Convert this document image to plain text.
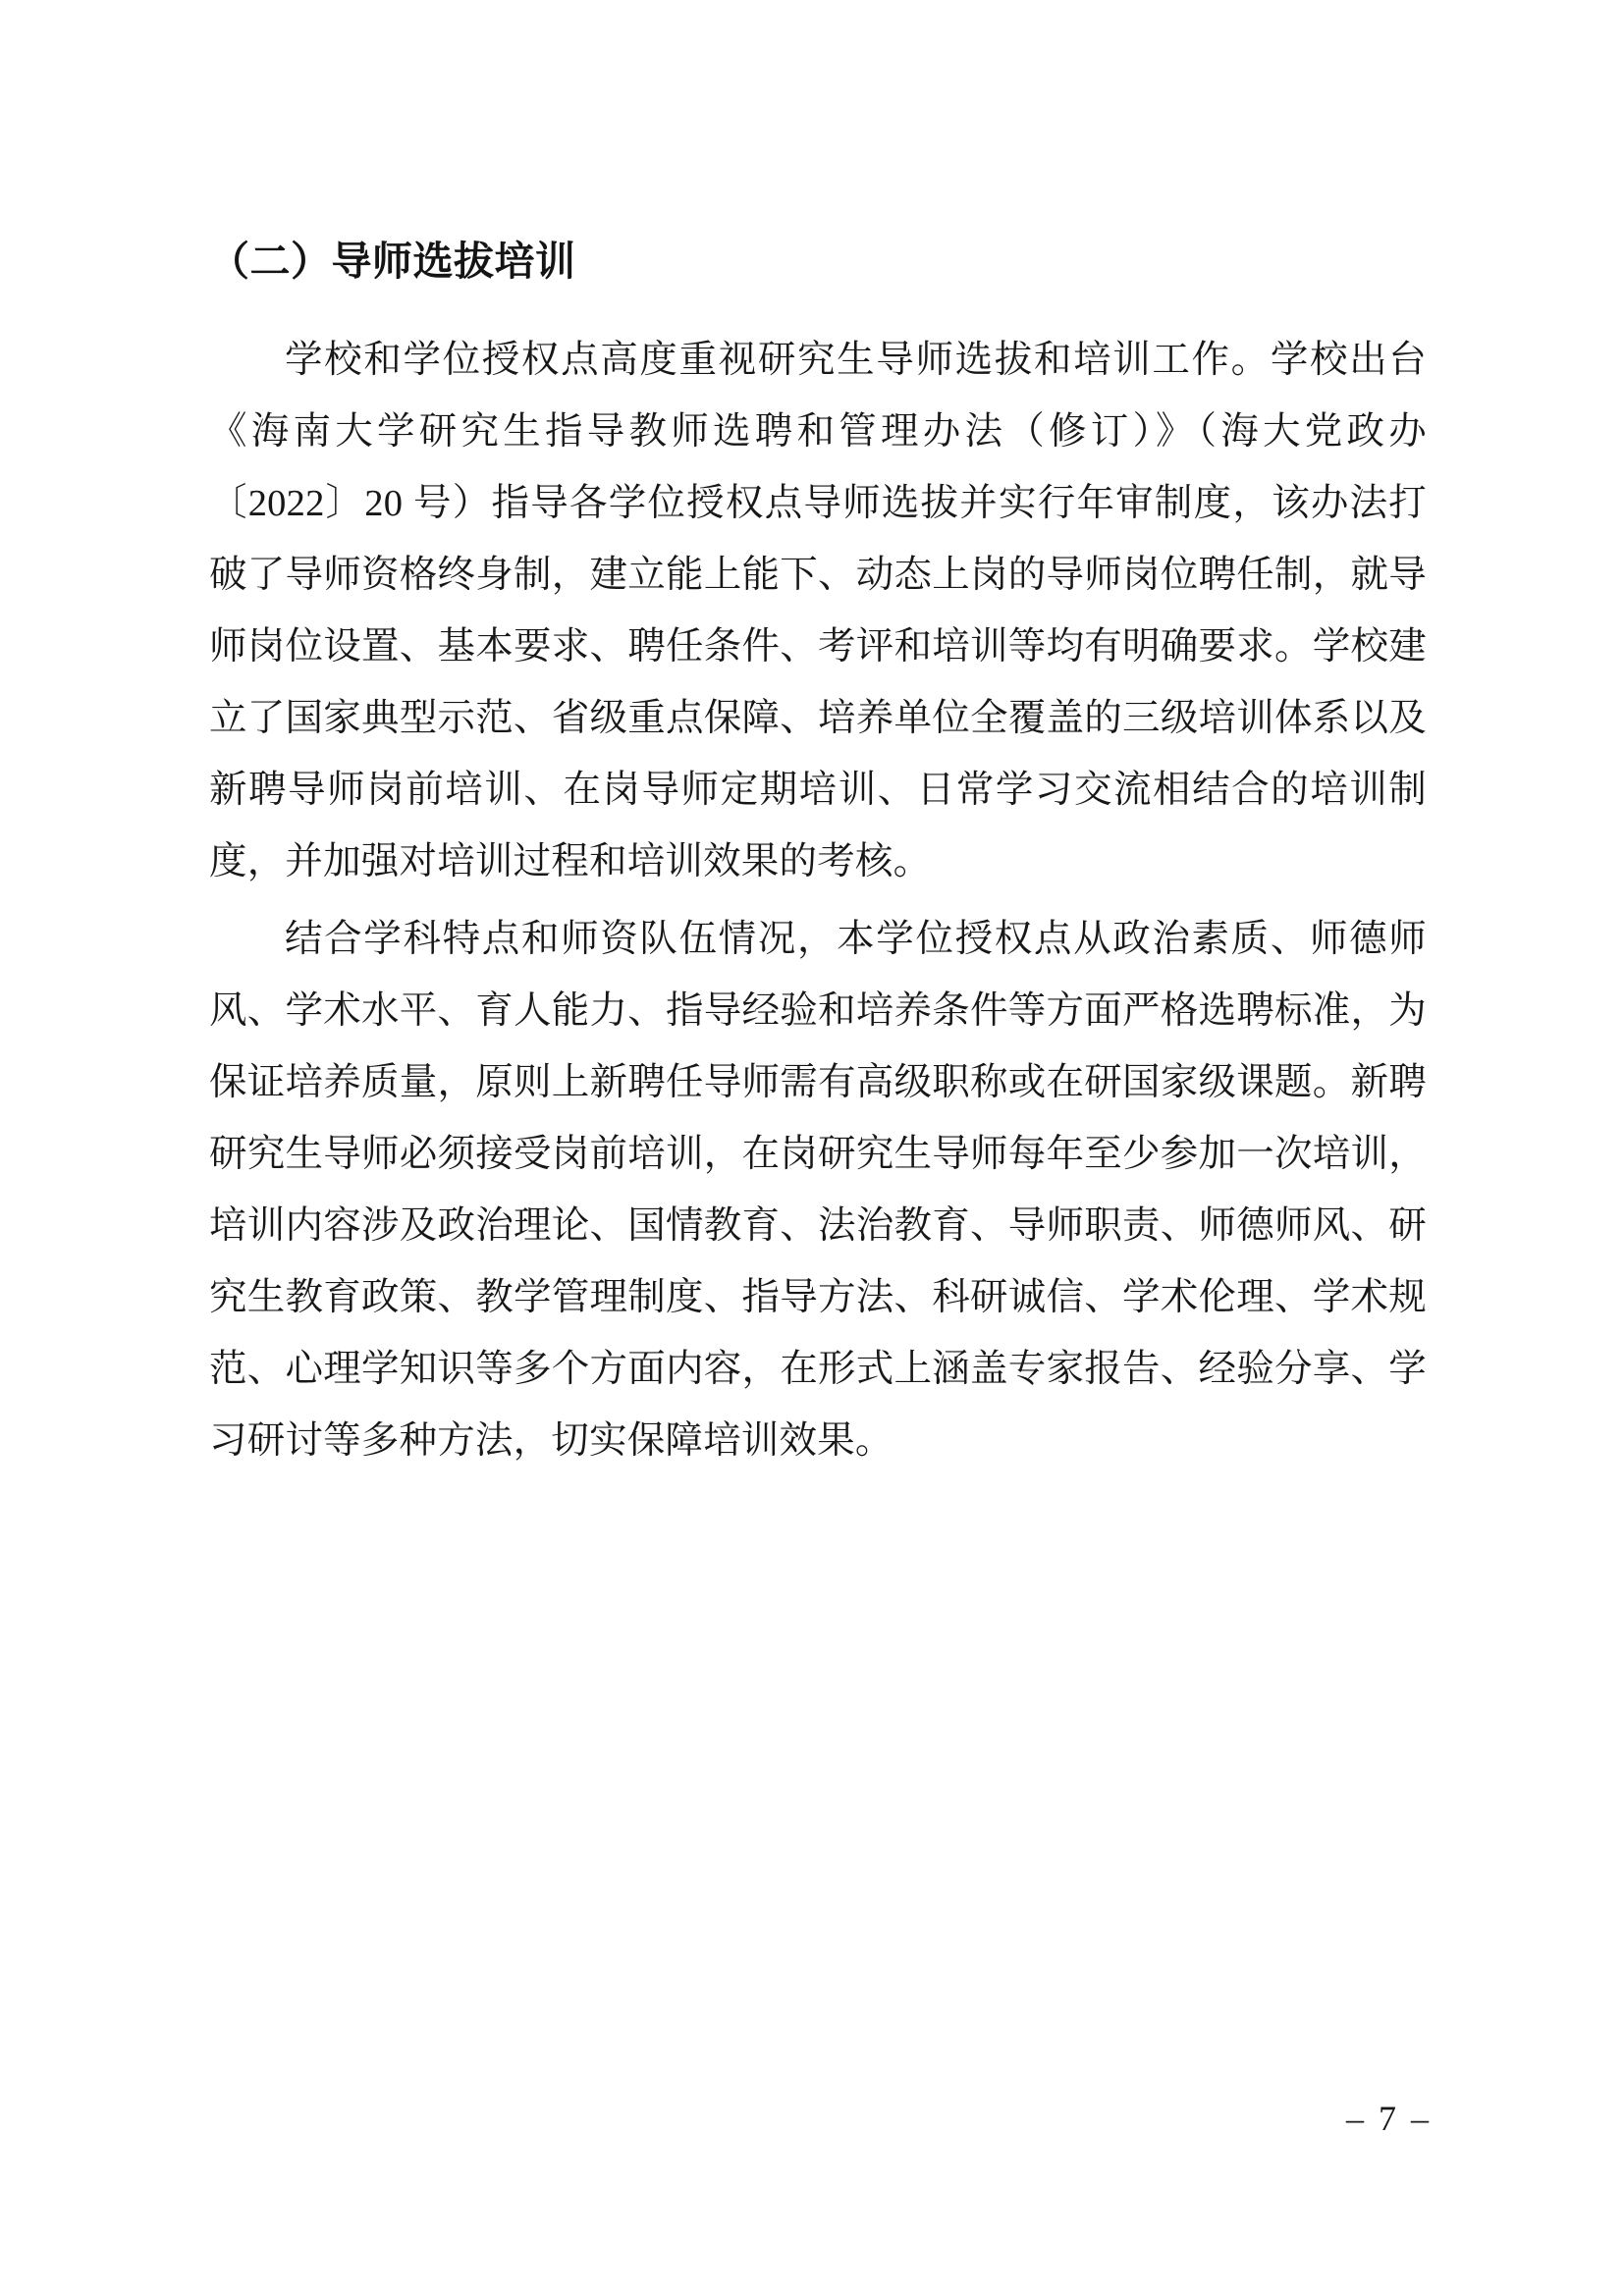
（二）导师选拔培训

学校和学位授权点高度重视研究生导师选拔和培训工作。学校出台《海南大学研究生指导教师选聘和管理办法（修订）》（海大党政办〔2022〕20 号）指导各学位授权点导师选拔并实行年审制度，该办法打破了导师资格终身制，建立能上能下、动态上岗的导师岗位聘任制，就导师岗位设置、基本要求、聘任条件、考评和培训等均有明确要求。学校建立了国家典型示范、省级重点保障、培养单位全覆盖的三级培训体系以及新聘导师岗前培训、在岗导师定期培训、日常学习交流相结合的培训制度，并加强对培训过程和培训效果的考核。

结合学科特点和师资队伍情况，本学位授权点从政治素质、师德师风、学术水平、育人能力、指导经验和培养条件等方面严格选聘标准，为保证培养质量，原则上新聘任导师需有高级职称或在研国家级课题。新聘研究生导师必须接受岗前培训，在岗研究生导师每年至少参加一次培训，培训内容涉及政治理论、国情教育、法治教育、导师职责、师德师风、研究生教育政策、教学管理制度、指导方法、科研诚信、学术伦理、学术规范、心理学知识等多个方面内容，在形式上涵盖专家报告、经验分享、学习研讨等多种方法，切实保障培训效果。

– 7 –
